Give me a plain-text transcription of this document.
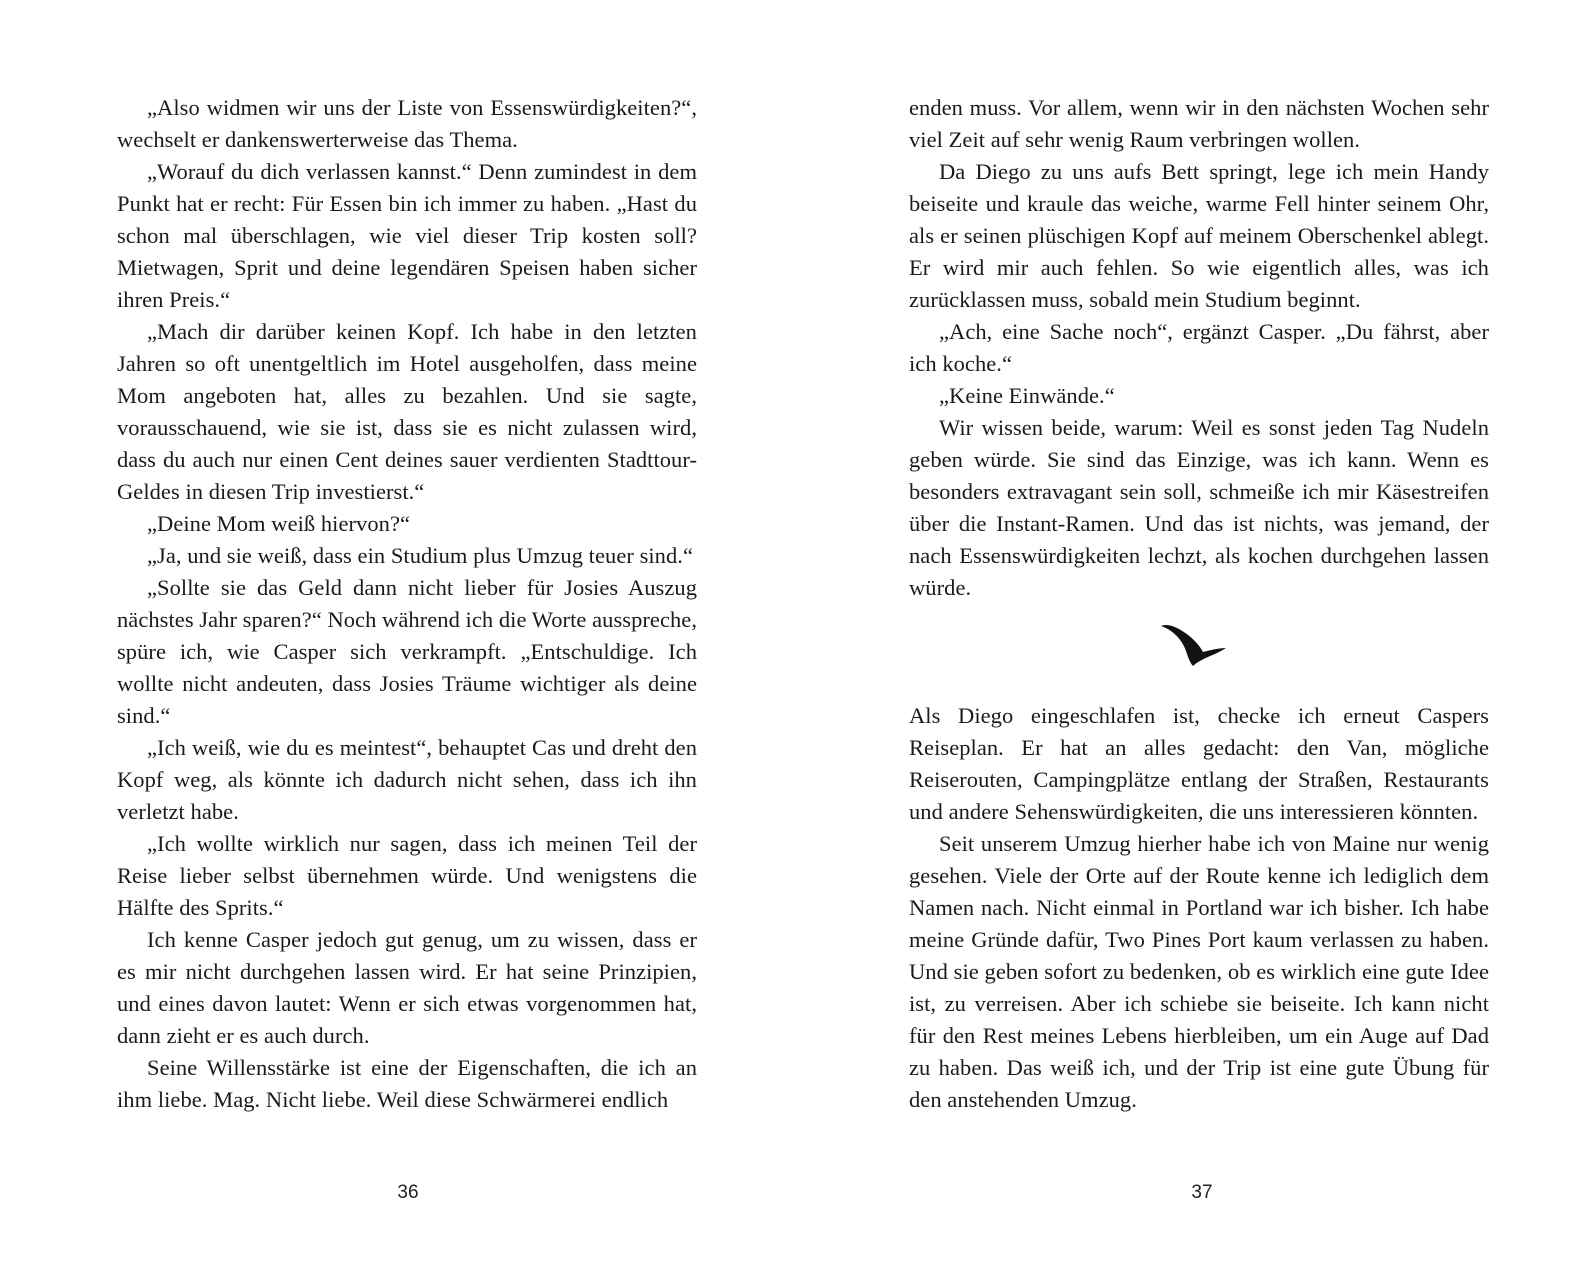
„Also widmen wir uns der Liste von Essenswürdigkeiten?“, wechselt er dankenswerterweise das Thema.

„Worauf du dich verlassen kannst.“ Denn zumindest in dem Punkt hat er recht: Für Essen bin ich immer zu haben. „Hast du schon mal überschlagen, wie viel dieser Trip kosten soll? Mietwagen, Sprit und deine legendären Speisen haben sicher ihren Preis.“

„Mach dir darüber keinen Kopf. Ich habe in den letzten Jahren so oft unentgeltlich im Hotel ausgeholfen, dass meine Mom angeboten hat, alles zu bezahlen. Und sie sagte, vorausschauend, wie sie ist, dass sie es nicht zulassen wird, dass du auch nur einen Cent deines sauer verdienten Stadttour-Geldes in diesen Trip investierst.“

„Deine Mom weiß hiervon?“

„Ja, und sie weiß, dass ein Studium plus Umzug teuer sind.“

„Sollte sie das Geld dann nicht lieber für Josies Auszug nächstes Jahr sparen?“ Noch während ich die Worte ausspreche, spüre ich, wie Casper sich verkrampft. „Entschuldige. Ich wollte nicht andeuten, dass Josies Träume wichtiger als deine sind.“

„Ich weiß, wie du es meintest“, behauptet Cas und dreht den Kopf weg, als könnte ich dadurch nicht sehen, dass ich ihn verletzt habe.

„Ich wollte wirklich nur sagen, dass ich meinen Teil der Reise lieber selbst übernehmen würde. Und wenigstens die Hälfte des Sprits.“

Ich kenne Casper jedoch gut genug, um zu wissen, dass er es mir nicht durchgehen lassen wird. Er hat seine Prinzipien, und eines davon lautet: Wenn er sich etwas vorgenommen hat, dann zieht er es auch durch.

Seine Willensstärke ist eine der Eigenschaften, die ich an ihm liebe. Mag. Nicht liebe. Weil diese Schwärmerei endlich

36

enden muss. Vor allem, wenn wir in den nächsten Wochen sehr viel Zeit auf sehr wenig Raum verbringen wollen.

Da Diego zu uns aufs Bett springt, lege ich mein Handy beiseite und kraule das weiche, warme Fell hinter seinem Ohr, als er seinen plüschigen Kopf auf meinem Oberschenkel ablegt. Er wird mir auch fehlen. So wie eigentlich alles, was ich zurücklassen muss, sobald mein Studium beginnt.

„Ach, eine Sache noch“, ergänzt Casper. „Du fährst, aber ich koche.“

„Keine Einwände.“

Wir wissen beide, warum: Weil es sonst jeden Tag Nudeln geben würde. Sie sind das Einzige, was ich kann. Wenn es besonders extravagant sein soll, schmeiße ich mir Käsestreifen über die Instant-Ramen. Und das ist nichts, was jemand, der nach Essenswürdigkeiten lechzt, als kochen durchgehen lassen würde.

Als Diego eingeschlafen ist, checke ich erneut Caspers Reiseplan. Er hat an alles gedacht: den Van, mögliche Reiserouten, Campingplätze entlang der Straßen, Restaurants und andere Sehenswürdigkeiten, die uns interessieren könnten.

Seit unserem Umzug hierher habe ich von Maine nur wenig gesehen. Viele der Orte auf der Route kenne ich lediglich dem Namen nach. Nicht einmal in Portland war ich bisher. Ich habe meine Gründe dafür, Two Pines Port kaum verlassen zu haben. Und sie geben sofort zu bedenken, ob es wirklich eine gute Idee ist, zu verreisen. Aber ich schiebe sie beiseite. Ich kann nicht für den Rest meines Lebens hierbleiben, um ein Auge auf Dad zu haben. Das weiß ich, und der Trip ist eine gute Übung für den anstehenden Umzug.

37
